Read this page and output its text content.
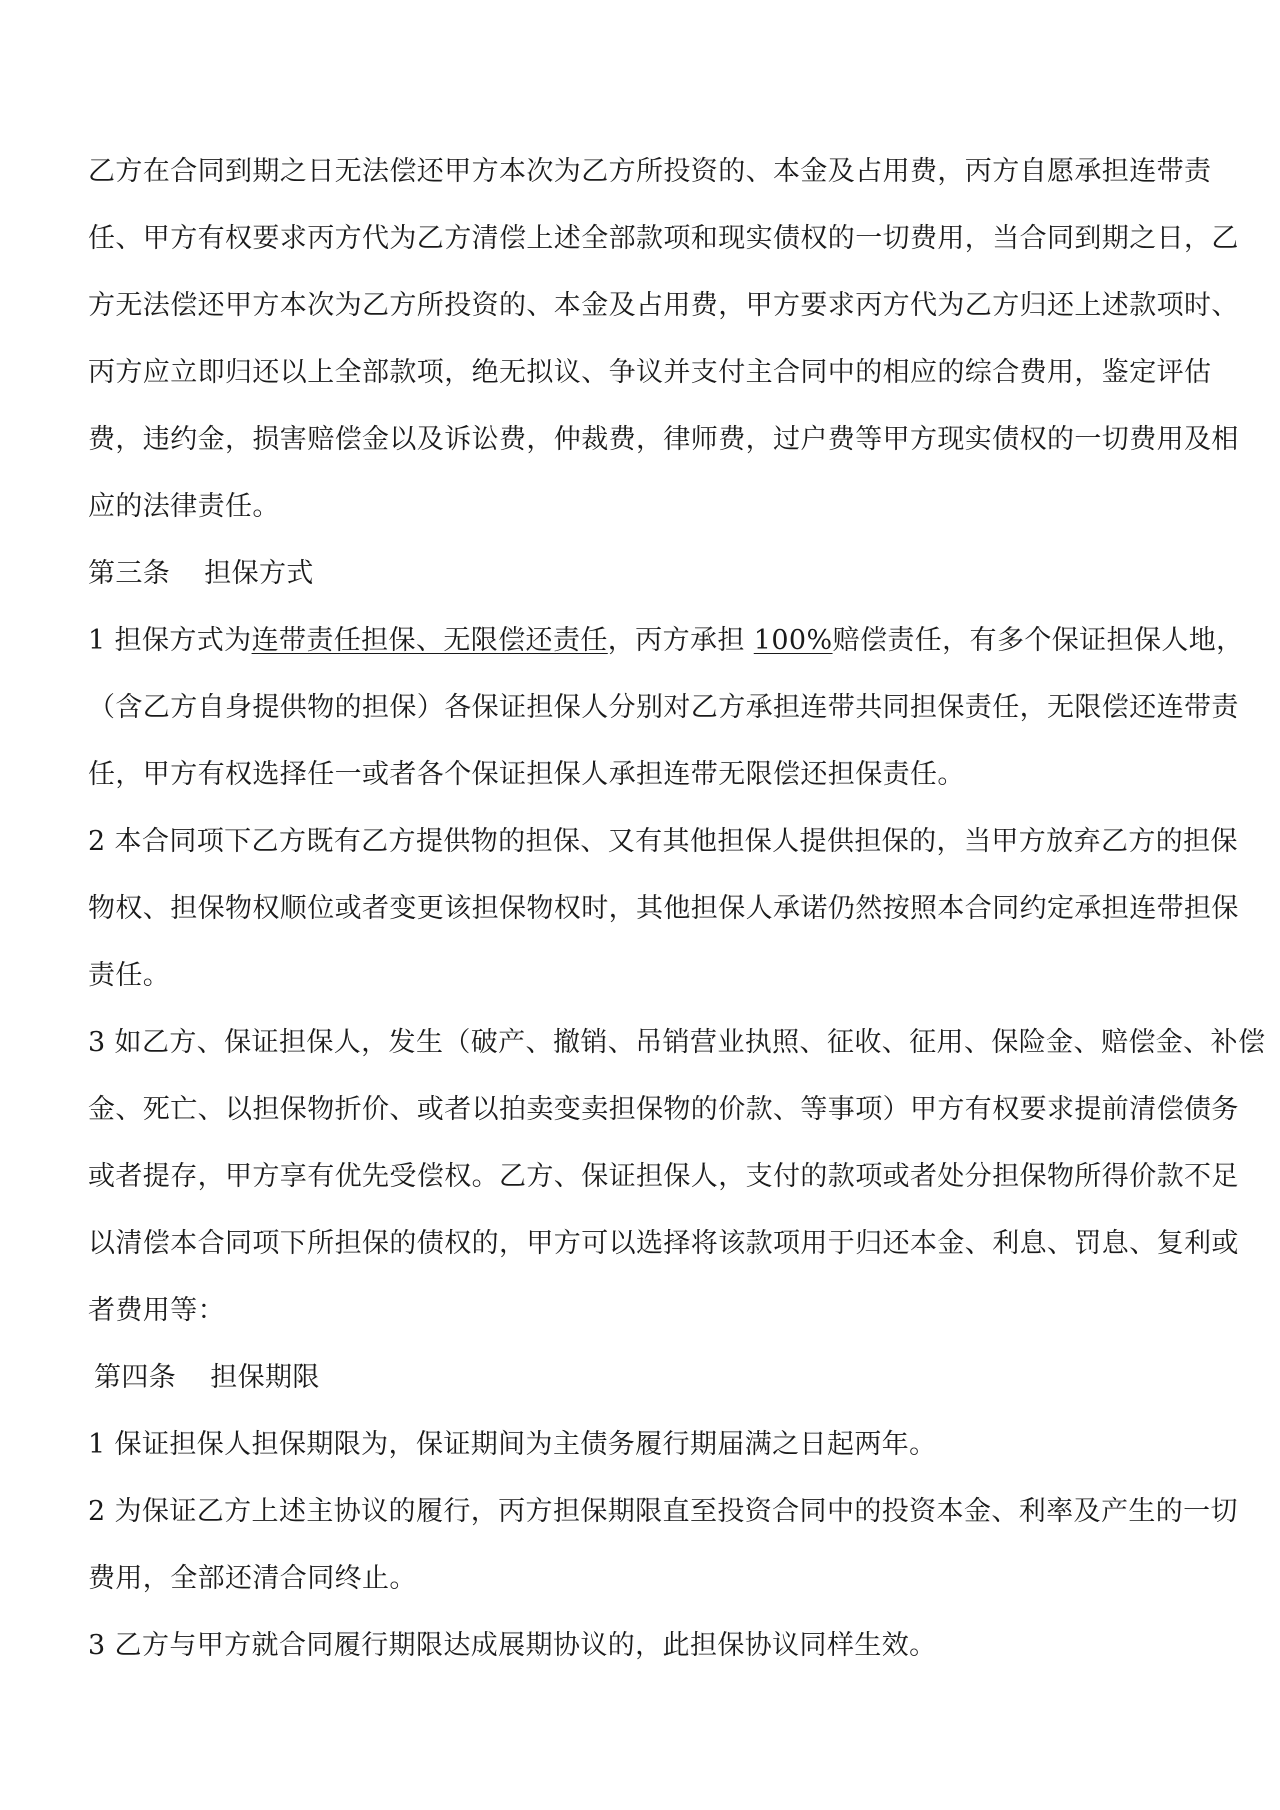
乙方在合同到期之日无法偿还甲方本次为乙方所投资的、本金及占用费，丙方自愿承担连带责
任、甲方有权要求丙方代为乙方清偿上述全部款项和现实债权的一切费用，当合同到期之日，乙
方无法偿还甲方本次为乙方所投资的、本金及占用费，甲方要求丙方代为乙方归还上述款项时、
丙方应立即归还以上全部款项，绝无拟议、争议并支付主合同中的相应的综合费用，鉴定评估
费，违约金，损害赔偿金以及诉讼费，仲裁费，律师费，过户费等甲方现实债权的一切费用及相
应的法律责任。
第三条 担保方式
1 担保方式为连带责任担保、无限偿还责任，丙方承担 100%赔偿责任，有多个保证担保人地，
（含乙方自身提供物的担保）各保证担保人分别对乙方承担连带共同担保责任，无限偿还连带责
任，甲方有权选择任一或者各个保证担保人承担连带无限偿还担保责任。
2 本合同项下乙方既有乙方提供物的担保、又有其他担保人提供担保的，当甲方放弃乙方的担保
物权、担保物权顺位或者变更该担保物权时，其他担保人承诺仍然按照本合同约定承担连带担保
责任。
3 如乙方、保证担保人，发生（破产、撤销、吊销营业执照、征收、征用、保险金、赔偿金、补偿
金、死亡、以担保物折价、或者以拍卖变卖担保物的价款、等事项）甲方有权要求提前清偿债务
或者提存，甲方享有优先受偿权。乙方、保证担保人，支付的款项或者处分担保物所得价款不足
以清偿本合同项下所担保的债权的，甲方可以选择将该款项用于归还本金、利息、罚息、复利或
者费用等：
第四条 担保期限
1 保证担保人担保期限为，保证期间为主债务履行期届满之日起两年。
2 为保证乙方上述主协议的履行，丙方担保期限直至投资合同中的投资本金、利率及产生的一切
费用，全部还清合同终止。
3 乙方与甲方就合同履行期限达成展期协议的，此担保协议同样生效。
